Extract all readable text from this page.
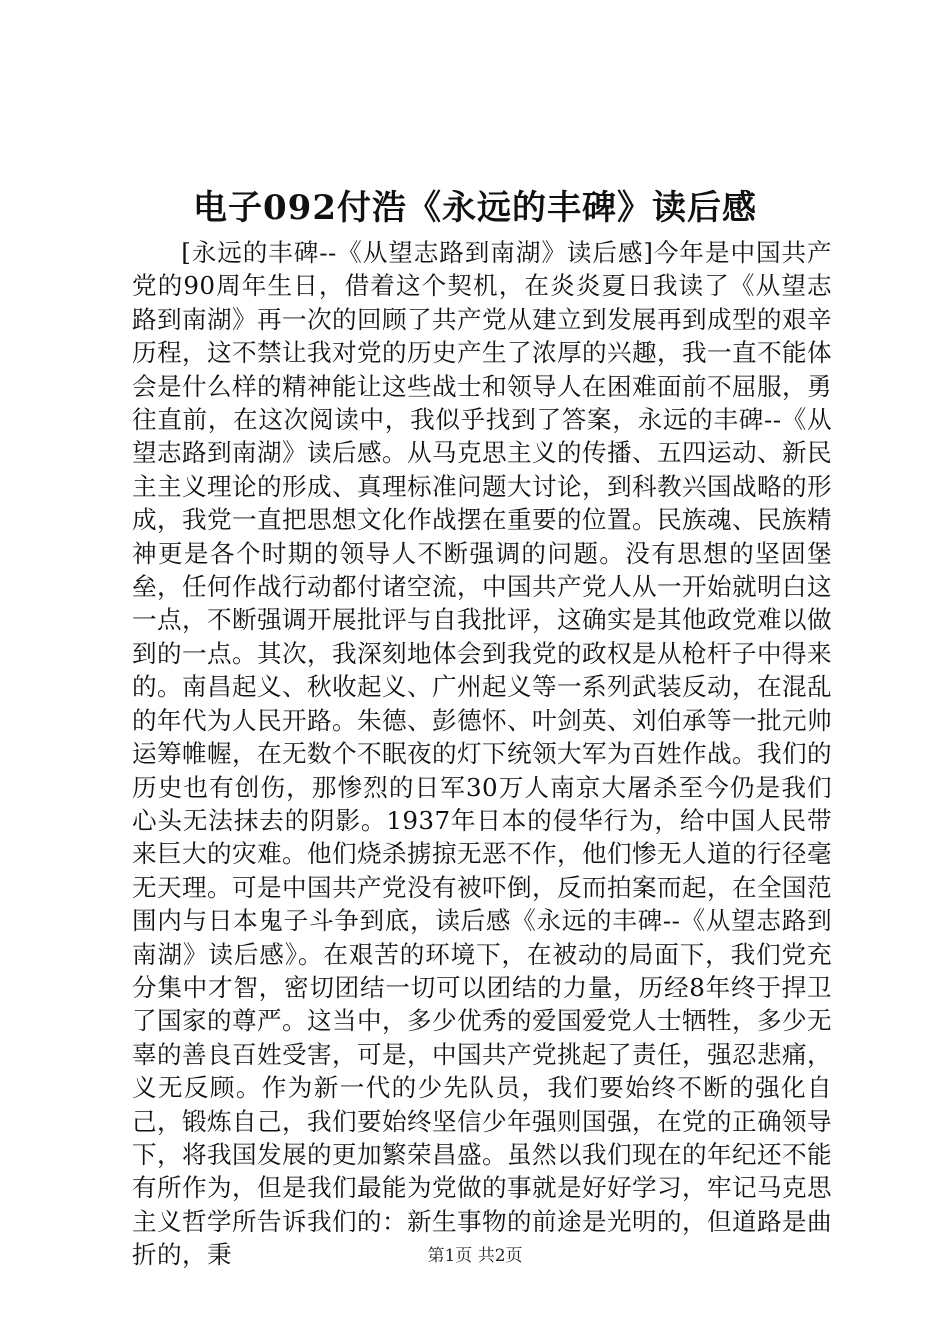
电子092付浩《永远的丰碑》读后感

[永远的丰碑--《从望志路到南湖》读后感]今年是中国共产党的90周年生日，借着这个契机，在炎炎夏日我读了《从望志路到南湖》再一次的回顾了共产党从建立到发展再到成型的艰辛历程，这不禁让我对党的历史产生了浓厚的兴趣，我一直不能体会是什么样的精神能让这些战士和领导人在困难面前不屈服，勇往直前，在这次阅读中，我似乎找到了答案，永远的丰碑--《从望志路到南湖》读后感。从马克思主义的传播、五四运动、新民主主义理论的形成、真理标准问题大讨论，到科教兴国战略的形成，我党一直把思想文化作战摆在重要的位置。民族魂、民族精神更是各个时期的领导人不断强调的问题。没有思想的坚固堡垒，任何作战行动都付诸空流，中国共产党人从一开始就明白这一点，不断强调开展批评与自我批评，这确实是其他政党难以做到的一点。其次，我深刻地体会到我党的政权是从枪杆子中得来的。南昌起义、秋收起义、广州起义等一系列武装反动，在混乱的年代为人民开路。朱德、彭德怀、叶剑英、刘伯承等一批元帅运筹帷幄，在无数个不眠夜的灯下统领大军为百姓作战。我们的历史也有创伤，那惨烈的日军30万人南京大屠杀至今仍是我们心头无法抹去的阴影。1937年日本的侵华行为，给中国人民带来巨大的灾难。他们烧杀掳掠无恶不作，他们惨无人道的行径毫无天理。可是中国共产党没有被吓倒，反而拍案而起，在全国范围内与日本鬼子斗争到底，读后感《永远的丰碑--《从望志路到南湖》读后感》。在艰苦的环境下，在被动的局面下，我们党充分集中才智，密切团结一切可以团结的力量，历经8年终于捍卫了国家的尊严。这当中，多少优秀的爱国爱党人士牺牲，多少无辜的善良百姓受害，可是，中国共产党挑起了责任，强忍悲痛，义无反顾。作为新一代的少先队员，我们要始终不断的强化自己，锻炼自己，我们要始终坚信少年强则国强，在党的正确领导下，将我国发展的更加繁荣昌盛。虽然以我们现在的年纪还不能有所作为，但是我们最能为党做的事就是好好学习，牢记马克思主义哲学所告诉我们的：新生事物的前途是光明的，但道路是曲折的，秉	第1页 共2页
